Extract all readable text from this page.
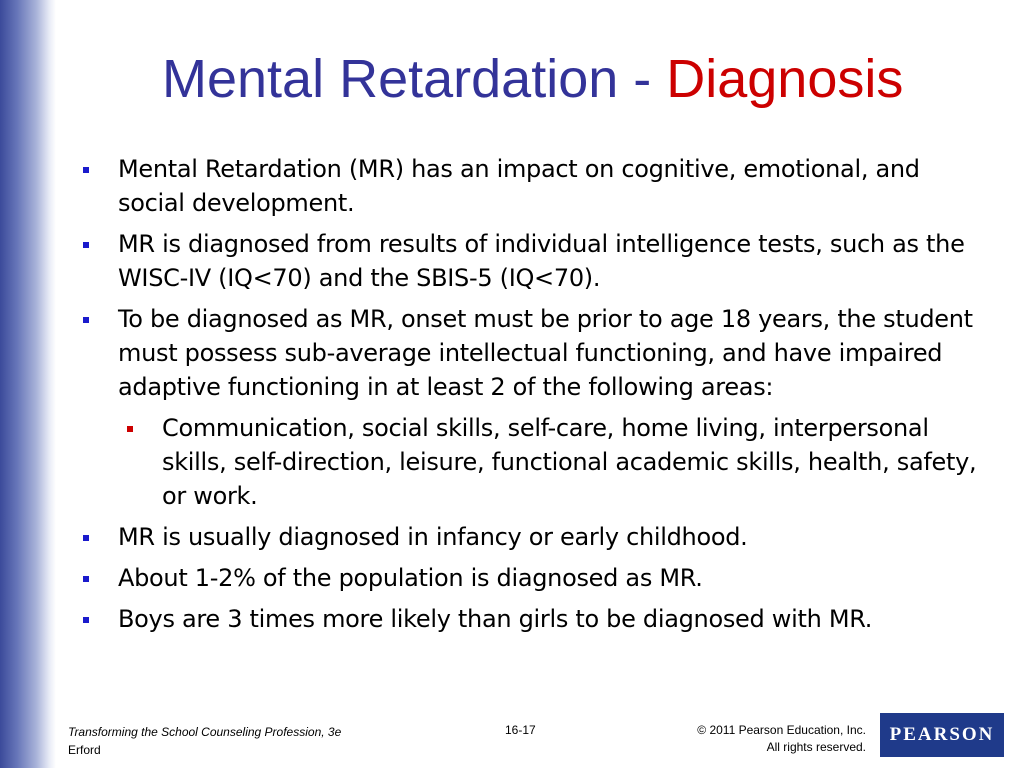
Mental Retardation - Diagnosis
Mental Retardation (MR) has an impact on cognitive, emotional, and social development.
MR is diagnosed from results of individual intelligence tests, such as the WISC-IV (IQ<70) and the SBIS-5 (IQ<70).
To be diagnosed as MR, onset must be prior to age 18 years, the student must possess sub-average intellectual functioning, and have impaired adaptive functioning in at least 2 of the following areas:
Communication, social skills, self-care, home living, interpersonal skills, self-direction, leisure, functional academic skills, health, safety, or work.
MR is usually diagnosed in infancy or early childhood.
About 1-2% of the population is diagnosed as MR.
Boys are 3 times more likely than girls to be diagnosed with MR.
Transforming the School Counseling Profession, 3e
Erford
16-17	© 2011 Pearson Education, Inc.
All rights reserved.
PEARSON
